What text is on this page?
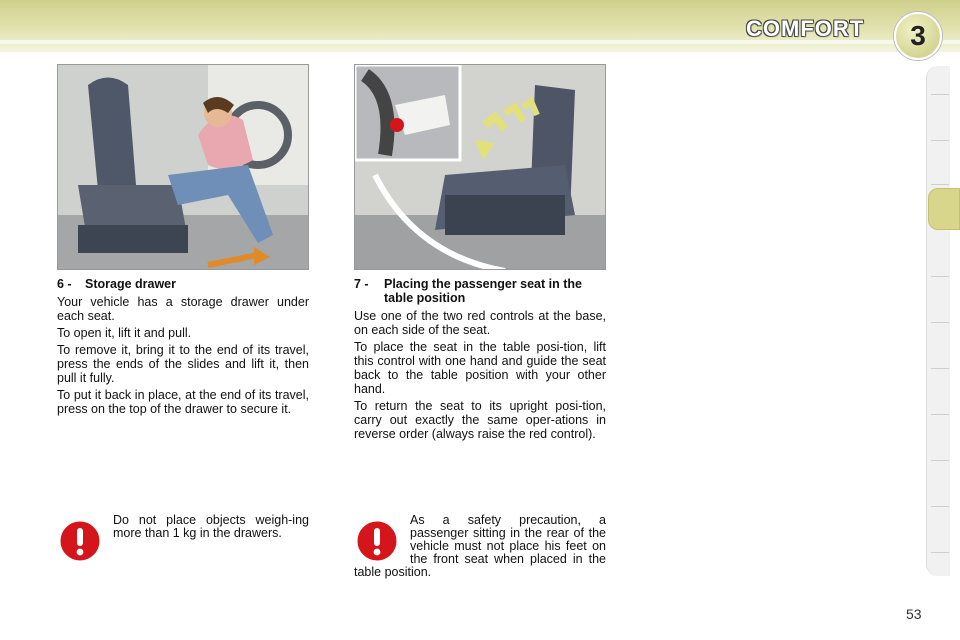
COMFORT	3
6 - Storage drawer

Your vehicle has a storage drawer under each seat.

To open it, lift it and pull.

To remove it, bring it to the end of its travel, press the ends of the slides and lift it, then pull it fully.

To put it back in place, at the end of its travel, press on the top of the drawer to secure it.

7 -	Placing the passenger seat in the table position

Use one of the two red controls at the base, on each side of the seat.

To place the seat in the table posi-tion, lift this control with one hand and guide the seat back to the table position with your other hand.

To return the seat to its upright posi-tion, carry out exactly the same oper-ations in reverse order (always raise the red control).

Do not place objects weigh-ing more than 1 kg in the drawers.

As a safety precaution, a passenger sitting in the rear of the vehicle must not place his feet on the front seat when placed in the table position.

53
